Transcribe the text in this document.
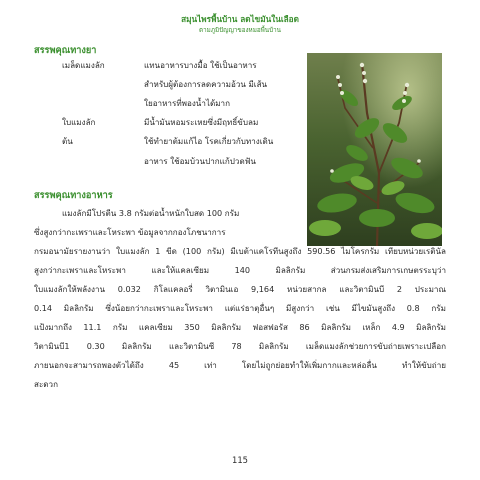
สมุนไพรพื้นบ้าน ลดไขมันในเลือด
ตามภูมิปัญญาของหมอพื้นบ้าน
สรรพคุณทางยา
เมล็ดแมงลัก	แทนอาหารบางมื้อ ใช้เป็นอาหาร
สำหรับผู้ต้องการลดความอ้วน มีเส้น
ใยอาหารที่พองน้ำได้มาก
ใบแมงลัก	มีน้ำมันหอมระเหยซึ่งมีฤทธิ์ขับลม
ต้น	ใช้ทำยาต้มแก้ไอ โรคเกี่ยวกับทางเดิน
อาหาร ใช้อมบ้วนปากแก้ปวดฟัน
สรรพคุณทางอาหาร
แมงลักมีโปรตีน 3.8 กรัมต่อน้ำหนักใบสด 100 กรัม
ซึ่งสูงกว่ากะเพราและโหระพา ข้อมูลจากกองโภชนาการ
กรมอนามัยรายงานว่า ใบแมงลัก 1 ขีด (100 กรัม) มีเบต้าแคโรทีนสูงถึง 590.56 ไมโครกรัม เทียบหน่วยเรตินัล
สูงกว่ากะเพราและโหระพา และให้แคลเซียม 140 มิลลิกรัม ส่วนกรมส่งเสริมการเกษตรระบุว่า
ใบแมงลักให้พลังงาน 0.032 กิโลแคลอรี่ วิตามินเอ 9,164 หน่วยสากล และวิตามินบี 2 ประมาณ
0.14 มิลลิกรัม ซึ่งน้อยกว่ากะเพราและโหระพา แต่แร่ธาตุอื่นๆ มีสูงกว่า เช่น มีไขมันสูงถึง 0.8 กรัม
แป้งมากถึง 11.1 กรัม แคลเซียม 350 มิลลิกรัม ฟอสฟอรัส 86 มิลลิกรัม เหล็ก 4.9 มิลลิกรัม
วิตามินบี1 0.30 มิลลิกรัม และวิตามินซี 78 มิลลิกรัม เมล็ดแมงลักช่วยการขับถ่ายเพราะเปลือก
ภายนอกจะสามารถพองตัวได้ถึง 45 เท่า โดยไม่ถูกย่อยทำให้เพิ่มกากและหล่อลื่น ทำให้ขับถ่าย
สะดวก
115
